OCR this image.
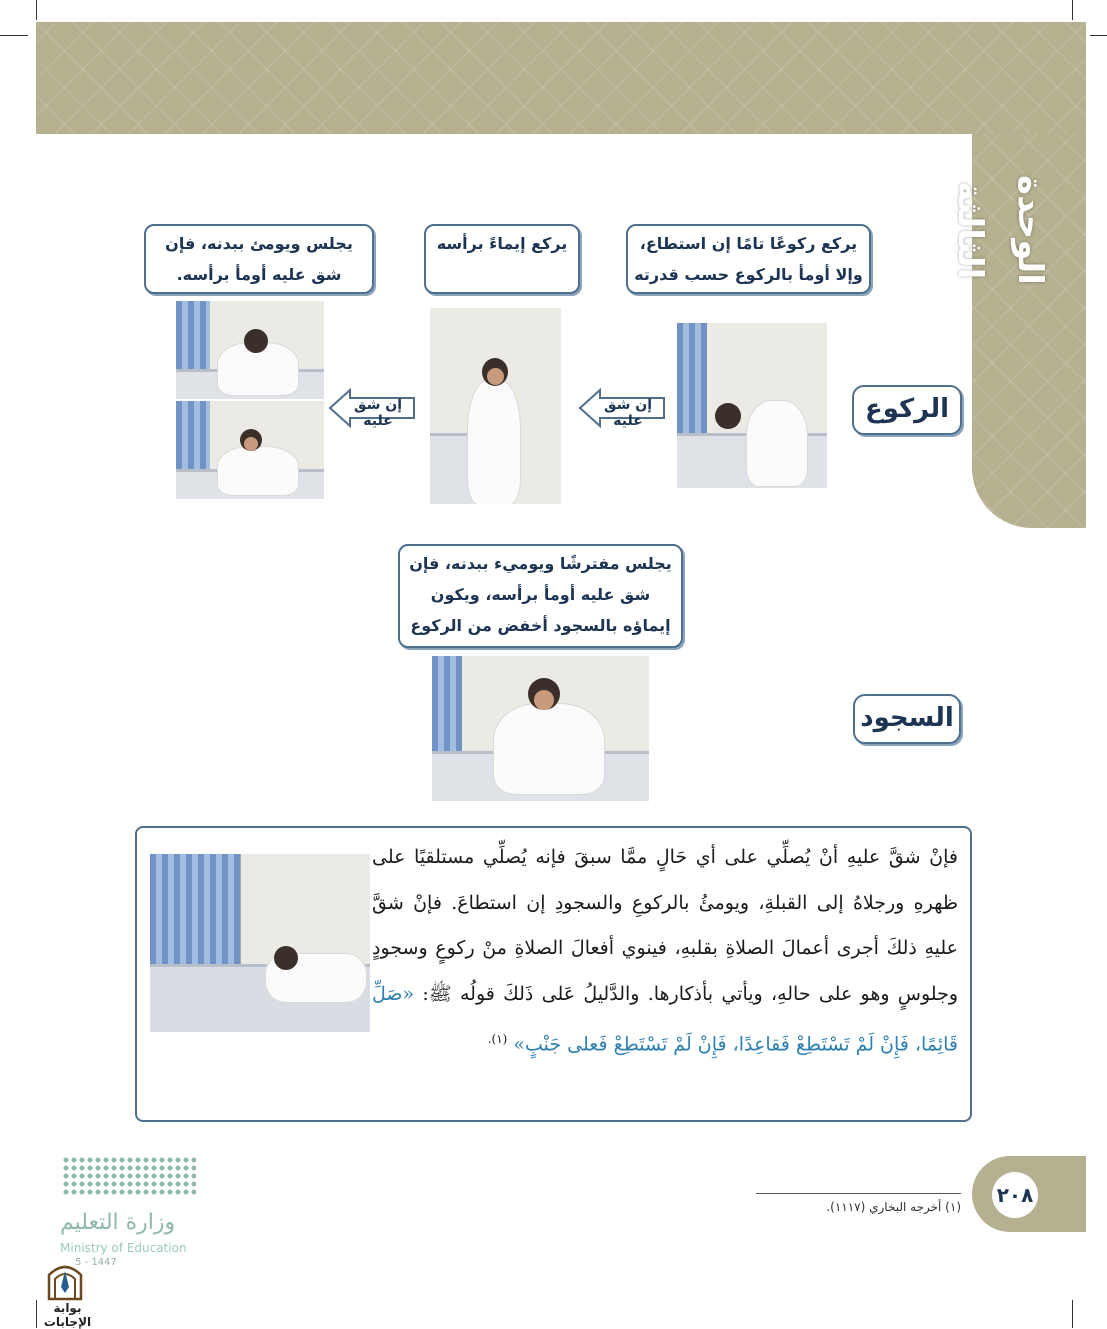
الوحدة الثالثة
الركوع
يركع ركوعًا تامًا إن استطاع، وإلا أومأ بالركوع حسب قدرته
يركع إيماءً برأسه
يجلس ويومئ ببدنه، فإن شق عليه أومأ برأسه.
إن شق عليه
إن شق عليه
يجلس مفترشًا ويوميء ببدنه، فإن شق عليه أومأ برأسه، ويكون إيماؤه بالسجود أخفض من الركوع
السجود
فإنْ شقَّ عليهِ أنْ يُصلِّي على أي حَالٍ ممَّا سبقَ فإنه يُصلِّي مستلقيًا على ظهرهِ ورجلاهُ إلى القبلةِ، ويومئُ بالركوعِ والسجودِ إن استطاعَ. فإنْ شقَّ عليهِ ذلكَ أجرى أعمالَ الصلاةِ بقلبهِ، فينوي أفعالَ الصلاةِ منْ ركوعٍ وسجودٍ وجلوسٍ وهو على حالهِ، ويأتي بأذكارها. والدَّليلُ عَلى ذَلكَ قولُه ﷺ: «صَلِّ قَائِمًا، فَإِنْ لَمْ تَسْتَطِعْ فَقاعِدًا، فَإِنْ لَمْ تَسْتَطِعْ فَعلى جَنْبٍ» $^{(١).}$
(١) أخرجه البخاري (١١١٧). ٢٠٨
وزارة التعليم
Ministry of Education
5 - 1447
بوابة الإجابات
